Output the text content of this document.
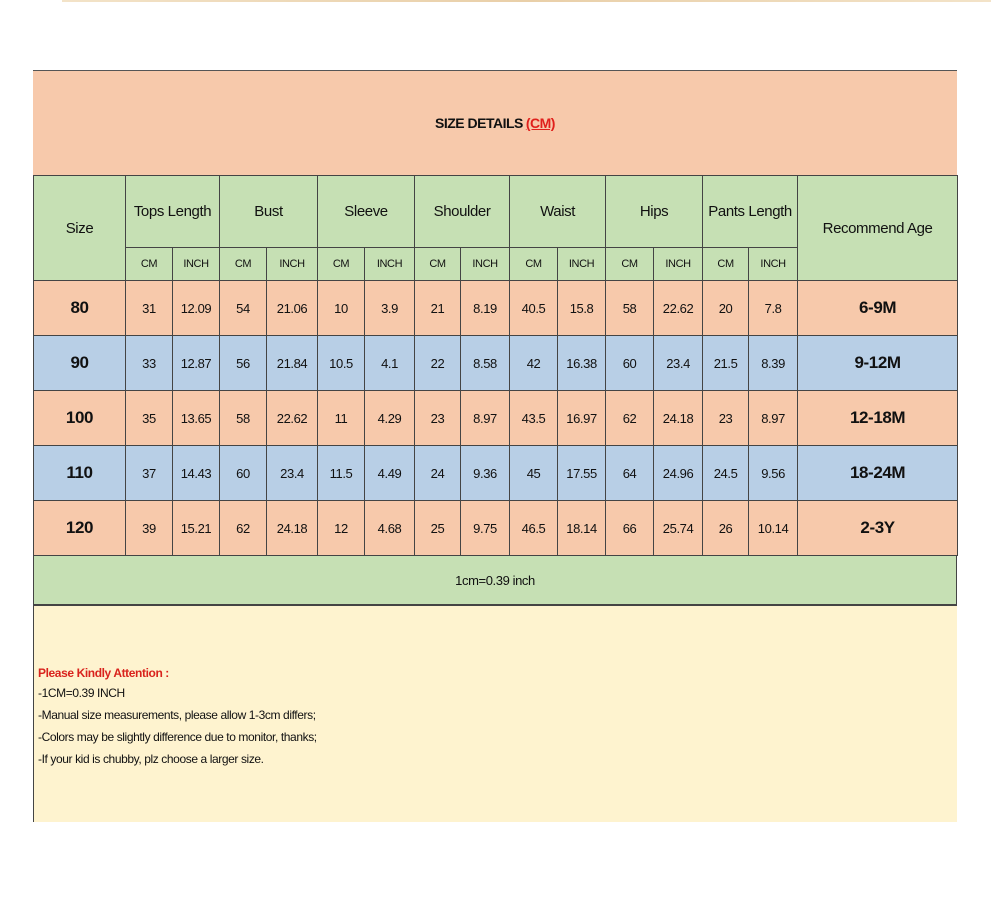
SIZE DETAILS (CM)
Size	Tops Length		Bust		Sleeve		Shoulder		Waist		Hips		Pants Length		Recommend Age
	CM	INCH	CM	INCH	CM	INCH	CM	INCH	CM	INCH	CM	INCH	CM	INCH	
80	31	12.09	54	21.06	10	3.9	21	8.19	40.5	15.8	58	22.62	20	7.8	6-9M
90	33	12.87	56	21.84	10.5	4.1	22	8.58	42	16.38	60	23.4	21.5	8.39	9-12M
100	35	13.65	58	22.62	11	4.29	23	8.97	43.5	16.97	62	24.18	23	8.97	12-18M
110	37	14.43	60	23.4	11.5	4.49	24	9.36	45	17.55	64	24.96	24.5	9.56	18-24M
120	39	15.21	62	24.18	12	4.68	25	9.75	46.5	18.14	66	25.74	26	10.14	2-3Y
1cm=0.39 inch
Please Kindly Attention :
-1CM=0.39 INCH
-Manual size measurements, please allow 1-3cm differs;
-Colors may be slightly difference due to monitor, thanks;
-If your kid is chubby, plz choose a larger size.
